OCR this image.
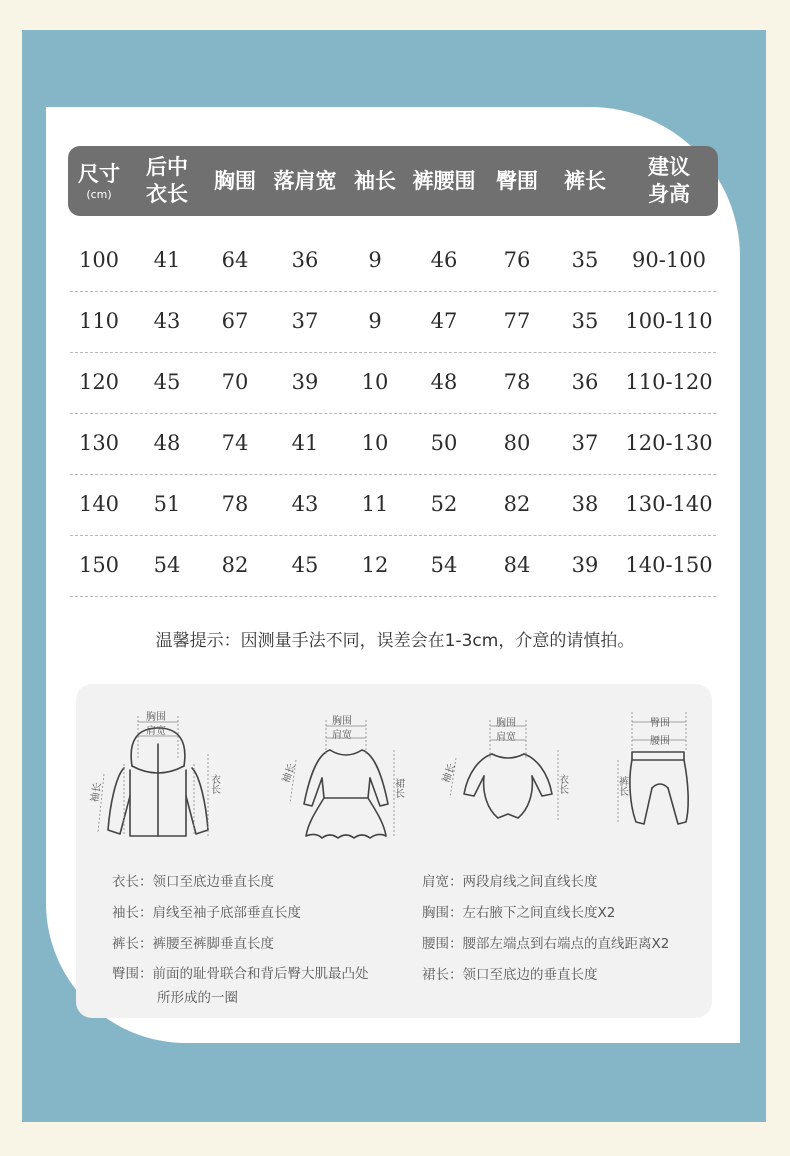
尺寸
(cm)
后中
衣长
胸围 落肩宽 袖长 裤腰围 臀围 裤长
建议
身高
100 41 64 36 9 46 76 35 90-100
110 43 67 37 9 47 77 35 100-110
120 45 70 39 10 48 78 36 110-120
130 48 74 41 10 50 80 37 120-130
140 51 78 43 11 52 82 38 130-140
150 54 82 45 12 54 84 39 140-150
温馨提示：因测量手法不同，误差会在1-3cm，介意的请慎拍。
胸围
肩宽
袖长	衣长
胸围
肩宽
袖长
裙长
胸围
肩宽
袖长	衣长
臀围
腰围
裤长
衣长：领口至底边垂直长度
袖长：肩线至袖子底部垂直长度
裤长：裤腰至裤脚垂直长度
臀围：前面的耻骨联合和背后臀大肌最凸处
所形成的一圈
肩宽：两段肩线之间直线长度
胸围：左右腋下之间直线长度X2
腰围：腰部左端点到右端点的直线距离X2
裙长：领口至底边的垂直长度
